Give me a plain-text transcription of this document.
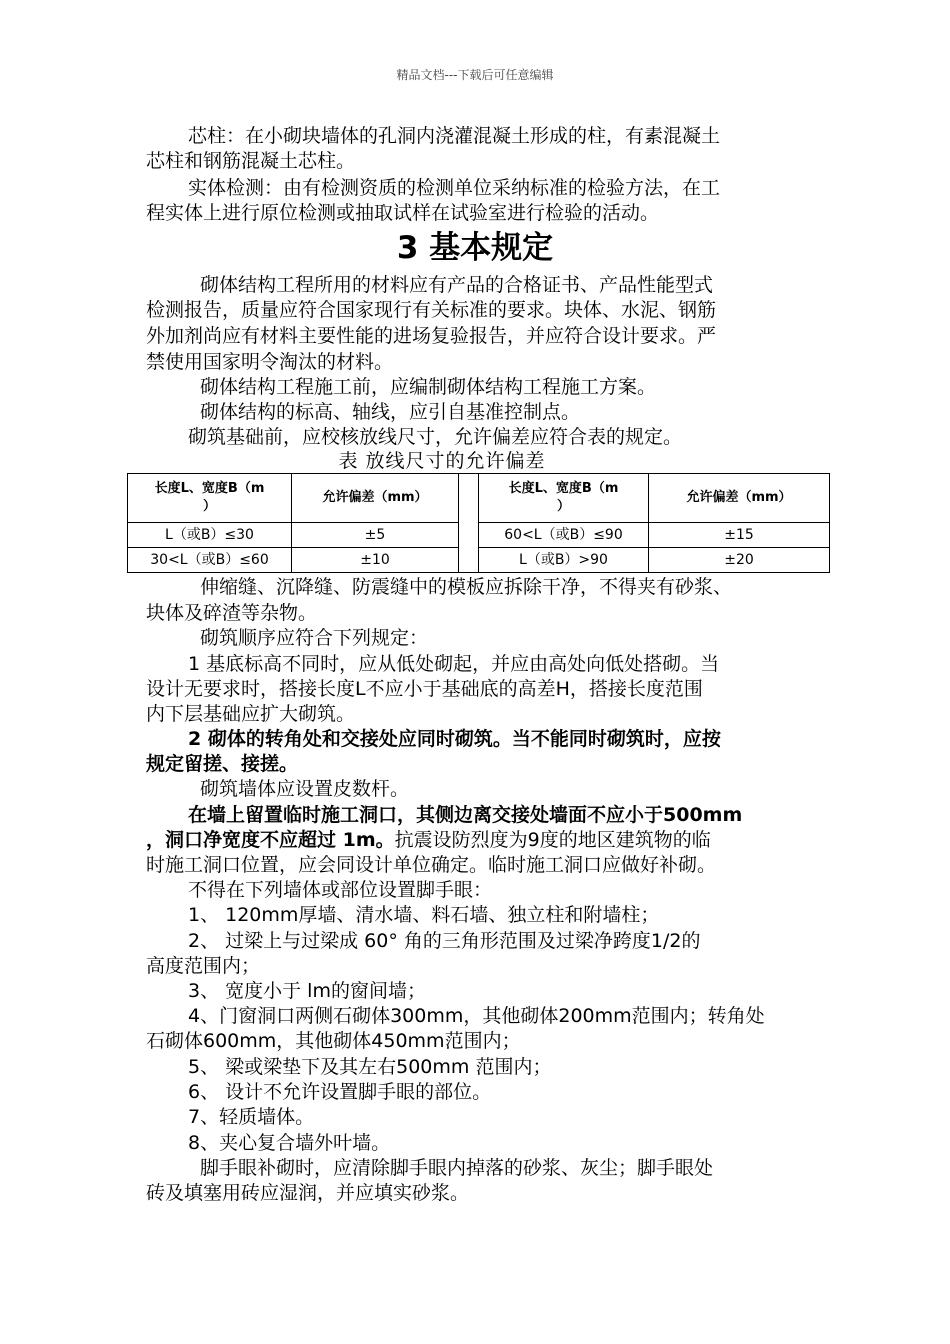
精品文档---下载后可任意编辑

芯柱：在小砌块墙体的孔洞内浇灌混凝土形成的柱，有素混凝土

芯柱和钢筋混凝土芯柱。

实体检测：由有检测资质的检测单位采纳标准的检验方法，在工

程实体上进行原位检测或抽取试样在试验室进行检验的活动。

3 基本规定

砌体结构工程所用的材料应有产品的合格证书、产品性能型式

检测报告，质量应符合国家现行有关标准的要求。块体、水泥、钢筋

外加剂尚应有材料主要性能的进场复验报告，并应符合设计要求。严

禁使用国家明令淘汰的材料。

砌体结构工程施工前，应编制砌体结构工程施工方案。

砌体结构的标高、轴线，应引自基准控制点。

砌筑基础前，应校核放线尺寸，允许偏差应符合表的规定。

表 放线尺寸的允许偏差
长度L、宽度B（m
）	允许偏差（mm）		长度L、宽度B（m
）	允许偏差（mm）
L（或B）≤30	±5		60<L（或B）≤90	±15
30<L（或B）≤60	±10		L（或B）>90	±20

伸缩缝、沉降缝、防震缝中的模板应拆除干净，不得夹有砂浆、

块体及碎渣等杂物。

砌筑顺序应符合下列规定：

1 基底标高不同时，应从低处砌起，并应由高处向低处搭砌。当

设计无要求时，搭接长度L不应小于基础底的高差H，搭接长度范围

内下层基础应扩大砌筑。

2 砌体的转角处和交接处应同时砌筑。当不能同时砌筑时，应按

规定留搓、接搓。

砌筑墙体应设置皮数杆。

在墙上留置临时施工洞口，其侧边离交接处墙面不应小于500mm

，洞口净宽度不应超过 1m。抗震设防烈度为9度的地区建筑物的临

时施工洞口位置，应会同设计单位确定。临时施工洞口应做好补砌。

不得在下列墙体或部位设置脚手眼：

1、 120mm厚墙、清水墙、料石墙、独立柱和附墙柱；

2、 过梁上与过梁成 60° 角的三角形范围及过梁净跨度1/2的

高度范围内；

3、 宽度小于 lm的窗间墙；

4、门窗洞口两侧石砌体300mm，其他砌体200mm范围内；转角处

石砌体600mm，其他砌体450mm范围内；

5、 梁或梁垫下及其左右500mm 范围内；

6、 设计不允许设置脚手眼的部位。

7、轻质墙体。

8、夹心复合墙外叶墙。

脚手眼补砌时，应清除脚手眼内掉落的砂浆、灰尘；脚手眼处

砖及填塞用砖应湿润，并应填实砂浆。
